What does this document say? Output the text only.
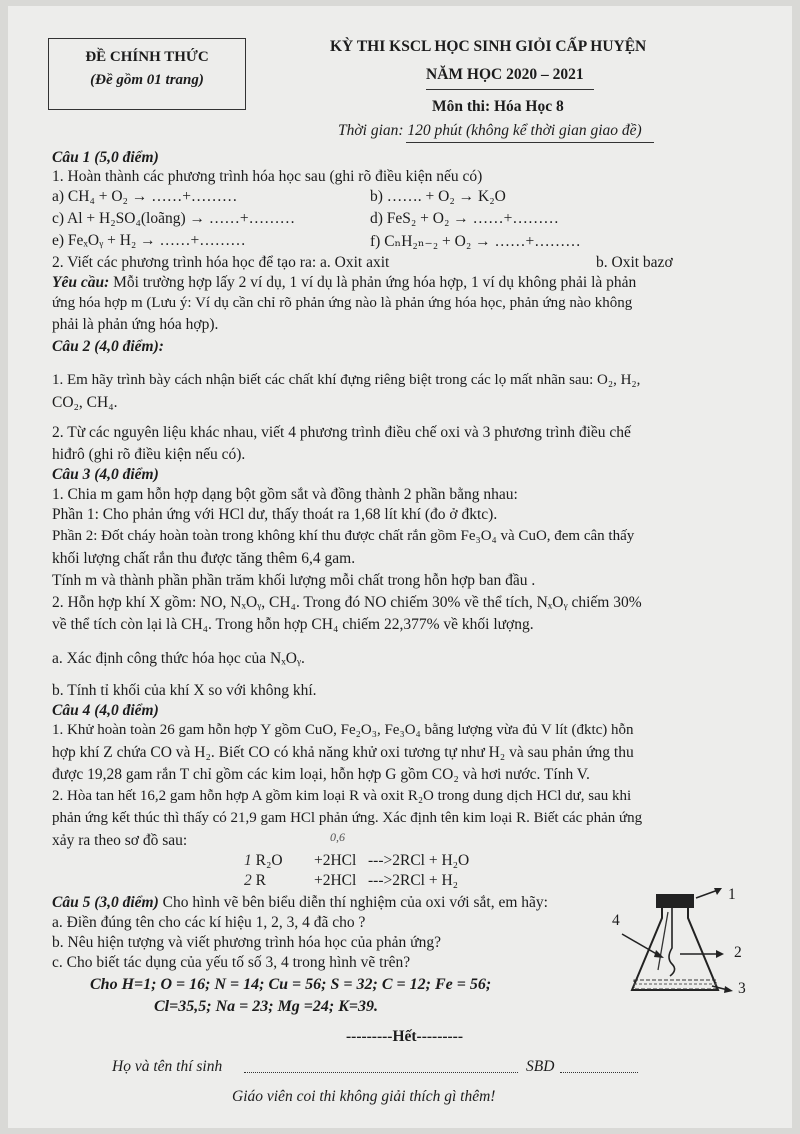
ĐỀ CHÍNH THỨC
(Đề gồm 01 trang)
KỲ THI KSCL HỌC SINH GIỎI CẤP HUYỆN
NĂM HỌC 2020 – 2021
Môn thi: Hóa Học 8
Thời gian: 120 phút (không kể thời gian giao đề)
Câu 1 (5,0 điểm)
1. Hoàn thành các phương trình hóa học sau (ghi rõ điều kiện nếu có)
a) CH₄ + O₂ → ……+………	b) ……. + O₂ → K₂O
c) Al + H₂SO₄(loãng) → ……+………	d) FeS₂ + O₂ → ……+………
e) FeₓOᵧ + H₂ → ……+………	f) CₙH₂ₙ₋₂ + O₂ → ……+………
2. Viết các phương trình hóa học để tạo ra: a. Oxit axit	b. Oxit bazơ
Yêu cầu: Mỗi trường hợp lấy 2 ví dụ, 1 ví dụ là phản ứng hóa hợp, 1 ví dụ không phải là phản
ứng hóa hợp m (Lưu ý: Ví dụ cần chỉ rõ phản ứng nào là phản ứng hóa học, phản ứng nào không
phải là phản ứng hóa hợp).
Câu 2 (4,0 điểm):
1. Em hãy trình bày cách nhận biết các chất khí đựng riêng biệt trong các lọ mất nhãn sau: O₂, H₂,
CO₂, CH₄.
2. Từ các nguyên liệu khác nhau, viết 4 phương trình điều chế oxi và 3 phương trình điều chế
hiđrô (ghi rõ điều kiện nếu có).
Câu 3 (4,0 điểm)
1. Chia m gam hỗn hợp dạng bột gồm sắt và đồng thành 2 phần bằng nhau:
Phần 1: Cho phản ứng với HCl dư, thấy thoát ra 1,68 lít khí (đo ở đktc).
Phần 2: Đốt cháy hoàn toàn trong không khí thu được chất rắn gồm Fe₃O₄ và CuO, đem cân thấy
khối lượng chất rắn thu được tăng thêm 6,4 gam.
Tính m và thành phần phần trăm khối lượng mỗi chất trong hỗn hợp ban đầu .
2. Hỗn hợp khí X gồm: NO, NₓOᵧ, CH₄. Trong đó NO chiếm 30% về thể tích, NₓOᵧ chiếm 30%
về thể tích còn lại là CH₄. Trong hỗn hợp CH₄ chiếm 22,377% về khối lượng.
a. Xác định công thức hóa học của NₓOᵧ.
b. Tính tỉ khối của khí X so với không khí.
Câu 4 (4,0 điểm)
1. Khử hoàn toàn 26 gam hỗn hợp Y gồm CuO, Fe₂O₃, Fe₃O₄ bằng lượng vừa đủ V lít (đktc) hỗn
hợp khí Z chứa CO và H₂. Biết CO có khả năng khử oxi tương tự như H₂ và sau phản ứng thu
được 19,28 gam rắn T chỉ gồm các kim loại, hỗn hợp G gồm CO₂ và hơi nước. Tính V.
2. Hòa tan hết 16,2 gam hỗn hợp A gồm kim loại R và oxit R₂O trong dung dịch HCl dư, sau khi
phản ứng kết thúc thì thấy có 21,9 gam HCl phản ứng. Xác định tên kim loại R. Biết các phản ứng
xảy ra theo sơ đồ sau:	0,6
1 R₂O +2HCl --->2RCl + H₂O
2 R	+2HCl --->2RCl + H₂
Câu 5 (3,0 điểm) Cho hình vẽ bên biểu diễn thí nghiệm của oxi với sắt, em hãy:
a. Điền đúng tên cho các kí hiệu 1, 2, 3, 4 đã cho ?
b. Nêu hiện tượng và viết phương trình hóa học của phản ứng?
c. Cho biết tác dụng của yếu tố số 3, 4 trong hình vẽ trên?
1
2
3
4
Cho H=1; O = 16; N = 14; Cu = 56; S = 32; C = 12; Fe = 56;
Cl=35,5; Na = 23; Mg =24; K=39.
---------Hết---------
Họ và tên thí sinh	SBD
Giáo viên coi thi không giải thích gì thêm!
